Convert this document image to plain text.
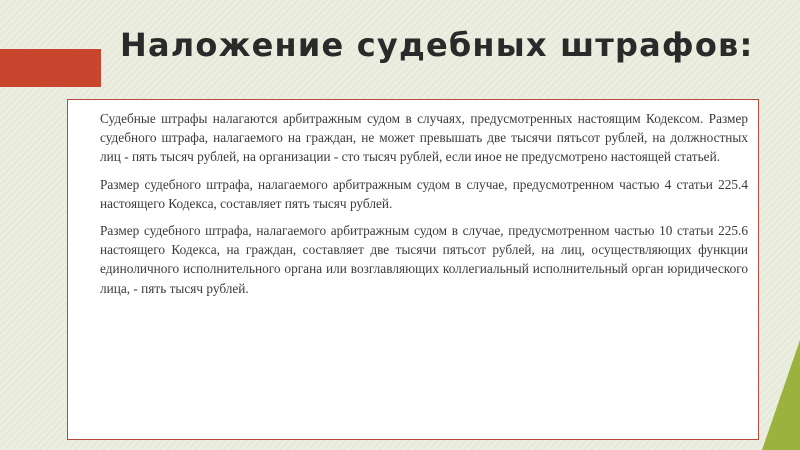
Наложение судебных штрафов:
Судебные штрафы налагаются арбитражным судом в случаях, предусмотренных настоящим Кодексом. Размер судебного штрафа, налагаемого на граждан, не может превышать две тысячи пятьсот рублей, на должностных лиц - пять тысяч рублей, на организации - сто тысяч рублей, если иное не предусмотрено настоящей статьей.
Размер судебного штрафа, налагаемого арбитражным судом в случае, предусмотренном частью 4 статьи 225.4 настоящего Кодекса, составляет пять тысяч рублей.
Размер судебного штрафа, налагаемого арбитражным судом в случае, предусмотренном частью 10 статьи 225.6 настоящего Кодекса, на граждан, составляет две тысячи пятьсот рублей, на лиц, осуществляющих функции единоличного исполнительного органа или возглавляющих коллегиальный исполнительный орган юридического лица, - пять тысяч рублей.
